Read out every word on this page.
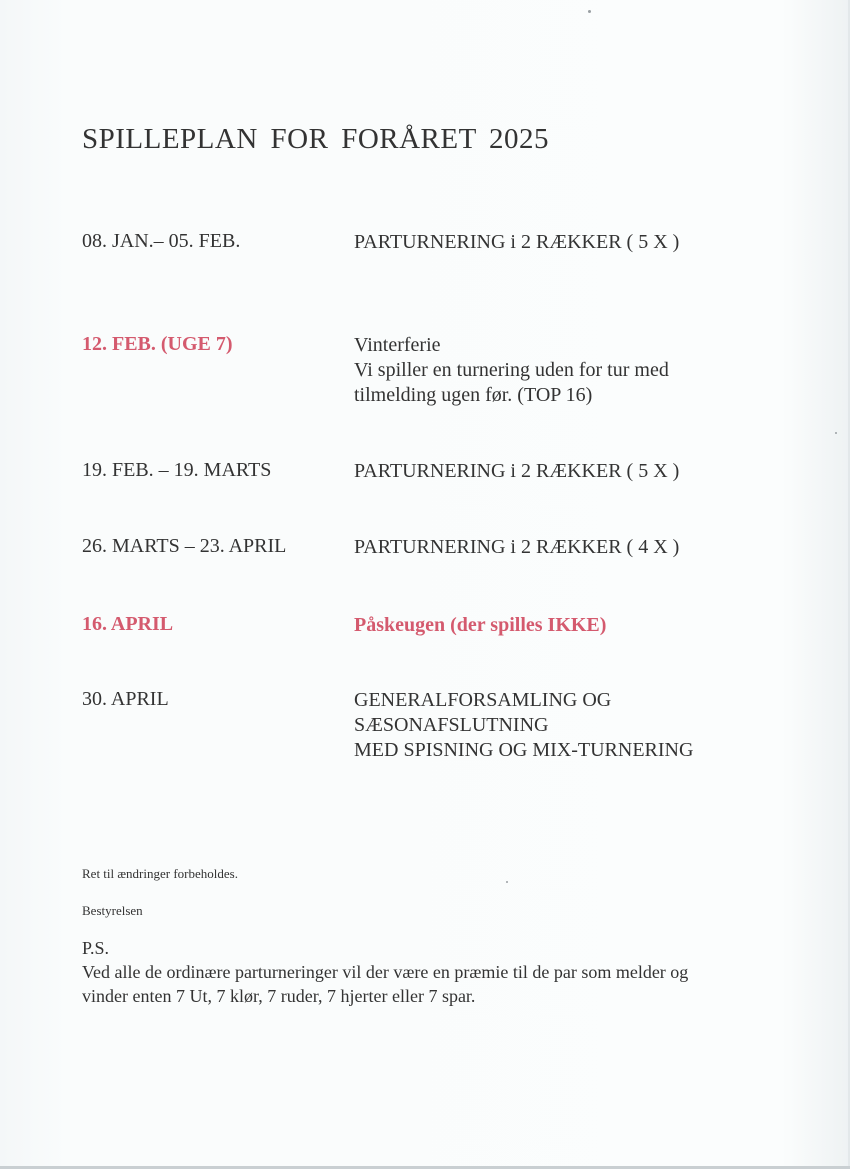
SPILLEPLAN FOR FORÅRET 2025
08. JAN.– 05. FEB.	PARTURNERING i 2 RÆKKER ( 5 X )
12. FEB. (UGE 7)	Vinterferie
Vi spiller en turnering uden for tur med
tilmelding ugen før. (TOP 16)
19. FEB. – 19. MARTS	PARTURNERING i 2 RÆKKER ( 5 X )
26. MARTS – 23. APRIL	PARTURNERING i 2 RÆKKER ( 4 X )
16. APRIL	Påskeugen (der spilles IKKE)
30. APRIL	GENERALFORSAMLING OG
SÆSONAFSLUTNING
MED SPISNING OG MIX-TURNERING
Ret til ændringer forbeholdes.
Bestyrelsen
P.S.
Ved alle de ordinære parturneringer vil der være en præmie til de par som melder og
vinder enten 7 Ut, 7 klør, 7 ruder, 7 hjerter eller 7 spar.
